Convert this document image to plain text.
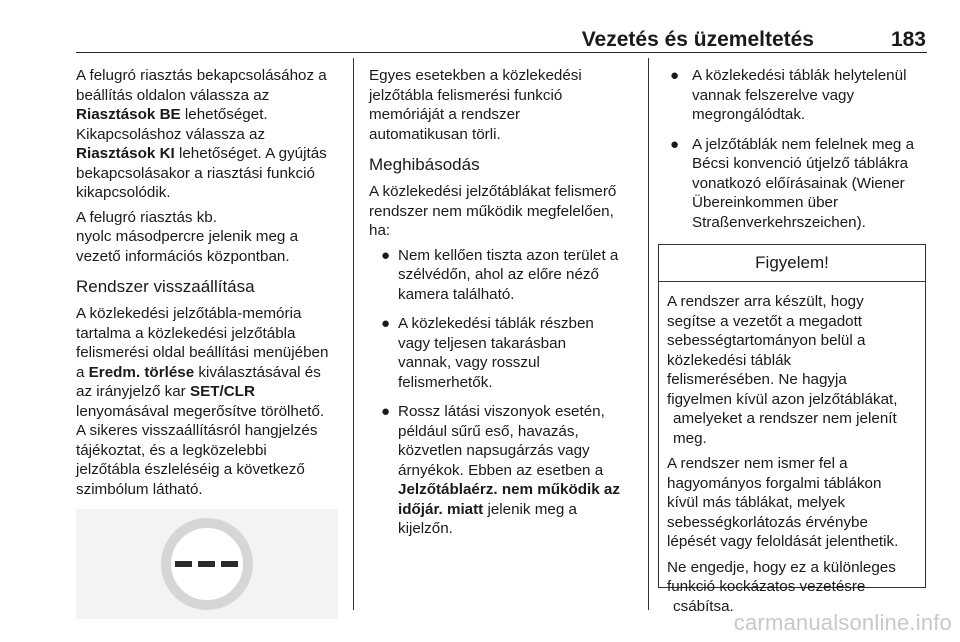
Vezetés és üzemeltetés	183

A felugró riasztás bekapcsolásához a
beállítás oldalon válassza az
Riasztások BE lehetőséget.
Kikapcsoláshoz válassza az
Riasztások KI lehetőséget. A gyújtás
bekapcsolásakor a riasztási funkció
kikapcsolódik.

A felugró riasztás kb.
nyolc másodpercre jelenik meg a
vezető információs központban.

Rendszer visszaállítása

A közlekedési jelzőtábla-memória
tartalma a közlekedési jelzőtábla
felismerési oldal beállítási menüjében
a Eredm. törlése kiválasztásával és
az irányjelző kar SET/CLR
lenyomásával megerősítve törölhető.
A sikeres visszaállításról hangjelzés
tájékoztat, és a legközelebbi
jelzőtábla észleléséig a következő
szimbólum látható.

Egyes esetekben a közlekedési
jelzőtábla felismerési funkció
memóriáját a rendszer
automatikusan törli.

Meghibásodás

A közlekedési jelzőtáblákat felismerő
rendszer nem működik megfelelően,
ha:

● Nem kellően tiszta azon terület a
szélvédőn, ahol az előre néző
kamera található.
● A közlekedési táblák részben
vagy teljesen takarásban
vannak, vagy rosszul
felismerhetők.
● Rossz látási viszonyok esetén,
például sűrű eső, havazás,
közvetlen napsugárzás vagy
árnyékok. Ebben az esetben a
Jelzőtáblaérz. nem működik az
időjár. miatt jelenik meg a
kijelzőn.
● A közlekedési táblák helytelenül
vannak felszerelve vagy
megrongálódtak.
● A jelzőtáblák nem felelnek meg a
Bécsi konvenció útjelző táblákra
vonatkozó előírásainak (Wiener
Übereinkommen über
Straßenverkehrszeichen).
Figyelem!

A rendszer arra készült, hogy
segítse a vezetőt a megadott
sebességtartományon belül a
közlekedési táblák
felismerésében. Ne hagyja
figyelmen kívül azon jelzőtáblákat,
amelyeket a rendszer nem jelenít
meg.

A rendszer nem ismer fel a
hagyományos forgalmi táblákon
kívül más táblákat, melyek
sebességkorlátozás érvénybe
lépését vagy feloldását jelenthetik.

Ne engedje, hogy ez a különleges
funkció kockázatos vezetésre
csábítsa.

carmanualsonline.info
